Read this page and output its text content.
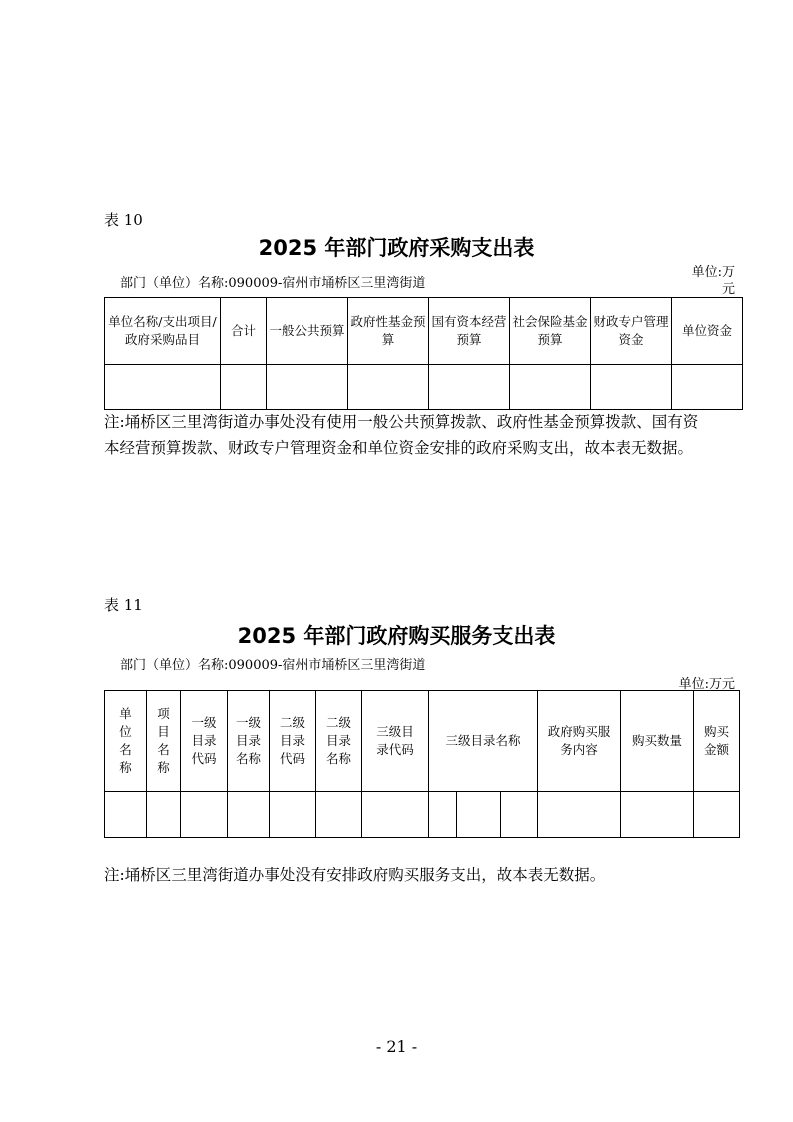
表 10
2025 年部门政府采购支出表
部门（单位）名称:090009-宿州市埇桥区三里湾街道
单位:万元
单位名称/支出项目/政府采购品目	合计	一般公共预算	政府性基金预算	国有资本经营预算	社会保险基金预算	财政专户管理资金	单位资金

注:埇桥区三里湾街道办事处没有使用一般公共预算拨款、政府性基金预算拨款、国有资本经营预算拨款、财政专户管理资金和单位资金安排的政府采购支出，故本表无数据。
表 11
2025 年部门政府购买服务支出表
部门（单位）名称:090009-宿州市埇桥区三里湾街道
单位:万元
单位名称	项目名称	一级目录代码	一级目录名称	二级目录代码	二级目录名称	三级目录代码	三级目录名称			政府购买服务内容	购买数量	购买金额

注:埇桥区三里湾街道办事处没有安排政府购买服务支出，故本表无数据。
- 21 -
